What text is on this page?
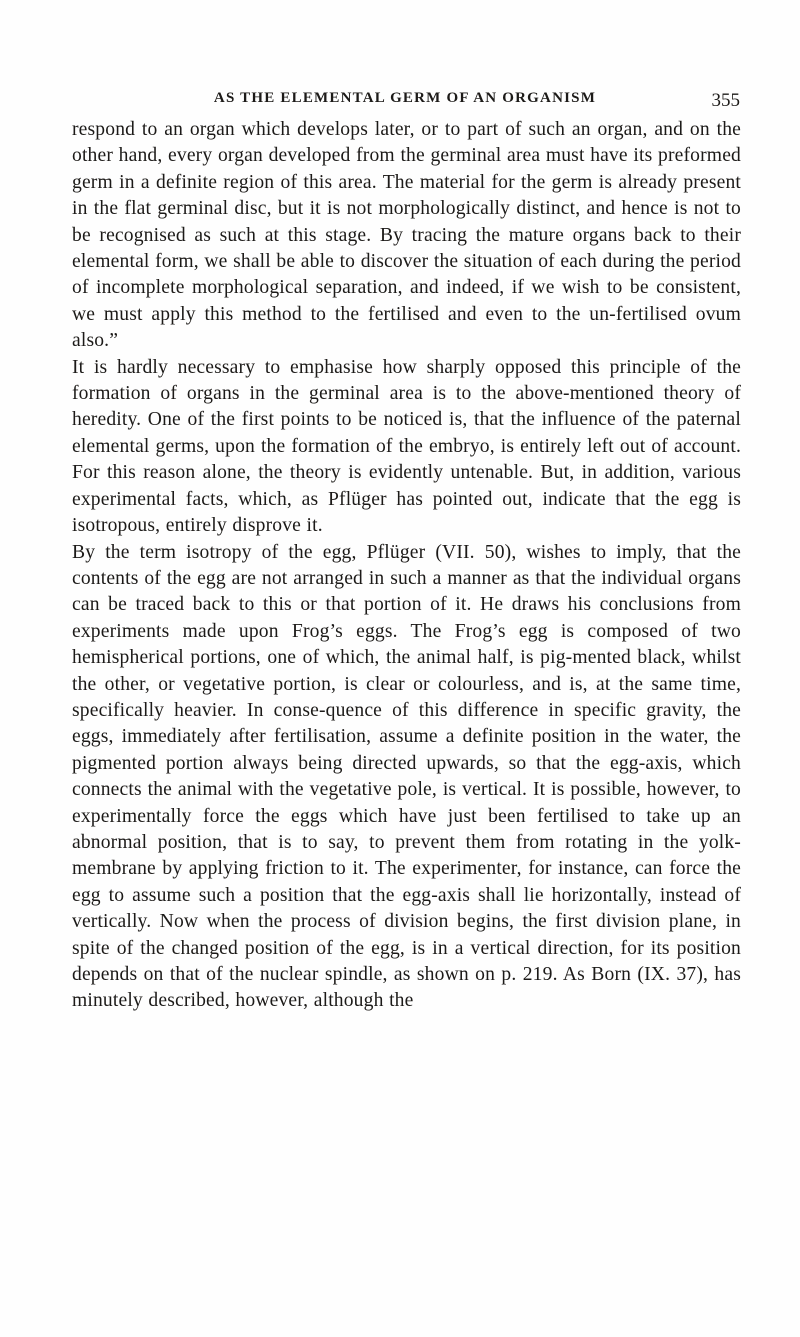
AS THE ELEMENTAL GERM OF AN ORGANISM	355

respond to an organ which develops later, or to part of such an organ, and on the other hand, every organ developed from the germinal area must have its preformed germ in a definite region of this area. The material for the germ is already present in the flat germinal disc, but it is not morphologically distinct, and hence is not to be recognised as such at this stage. By tracing the mature organs back to their elemental form, we shall be able to discover the situation of each during the period of incomplete morphological separation, and indeed, if we wish to be consistent, we must apply this method to the fertilised and even to the un-fertilised ovum also.”

It is hardly necessary to emphasise how sharply opposed this principle of the formation of organs in the germinal area is to the above-mentioned theory of heredity. One of the first points to be noticed is, that the influence of the paternal elemental germs, upon the formation of the embryo, is entirely left out of account. For this reason alone, the theory is evidently untenable. But, in addition, various experimental facts, which, as Pflüger has pointed out, indicate that the egg is isotropous, entirely disprove it.

By the term isotropy of the egg, Pflüger (VII. 50), wishes to imply, that the contents of the egg are not arranged in such a manner as that the individual organs can be traced back to this or that portion of it. He draws his conclusions from experiments made upon Frog’s eggs. The Frog’s egg is composed of two hemispherical portions, one of which, the animal half, is pig-mented black, whilst the other, or vegetative portion, is clear or colourless, and is, at the same time, specifically heavier. In conse-quence of this difference in specific gravity, the eggs, immediately after fertilisation, assume a definite position in the water, the pigmented portion always being directed upwards, so that the egg-axis, which connects the animal with the vegetative pole, is vertical. It is possible, however, to experimentally force the eggs which have just been fertilised to take up an abnormal position, that is to say, to prevent them from rotating in the yolk-membrane by applying friction to it. The experimenter, for instance, can force the egg to assume such a position that the egg-axis shall lie horizontally, instead of vertically. Now when the process of division begins, the first division plane, in spite of the changed position of the egg, is in a vertical direction, for its position depends on that of the nuclear spindle, as shown on p. 219. As Born (IX. 37), has minutely described, however, although the
